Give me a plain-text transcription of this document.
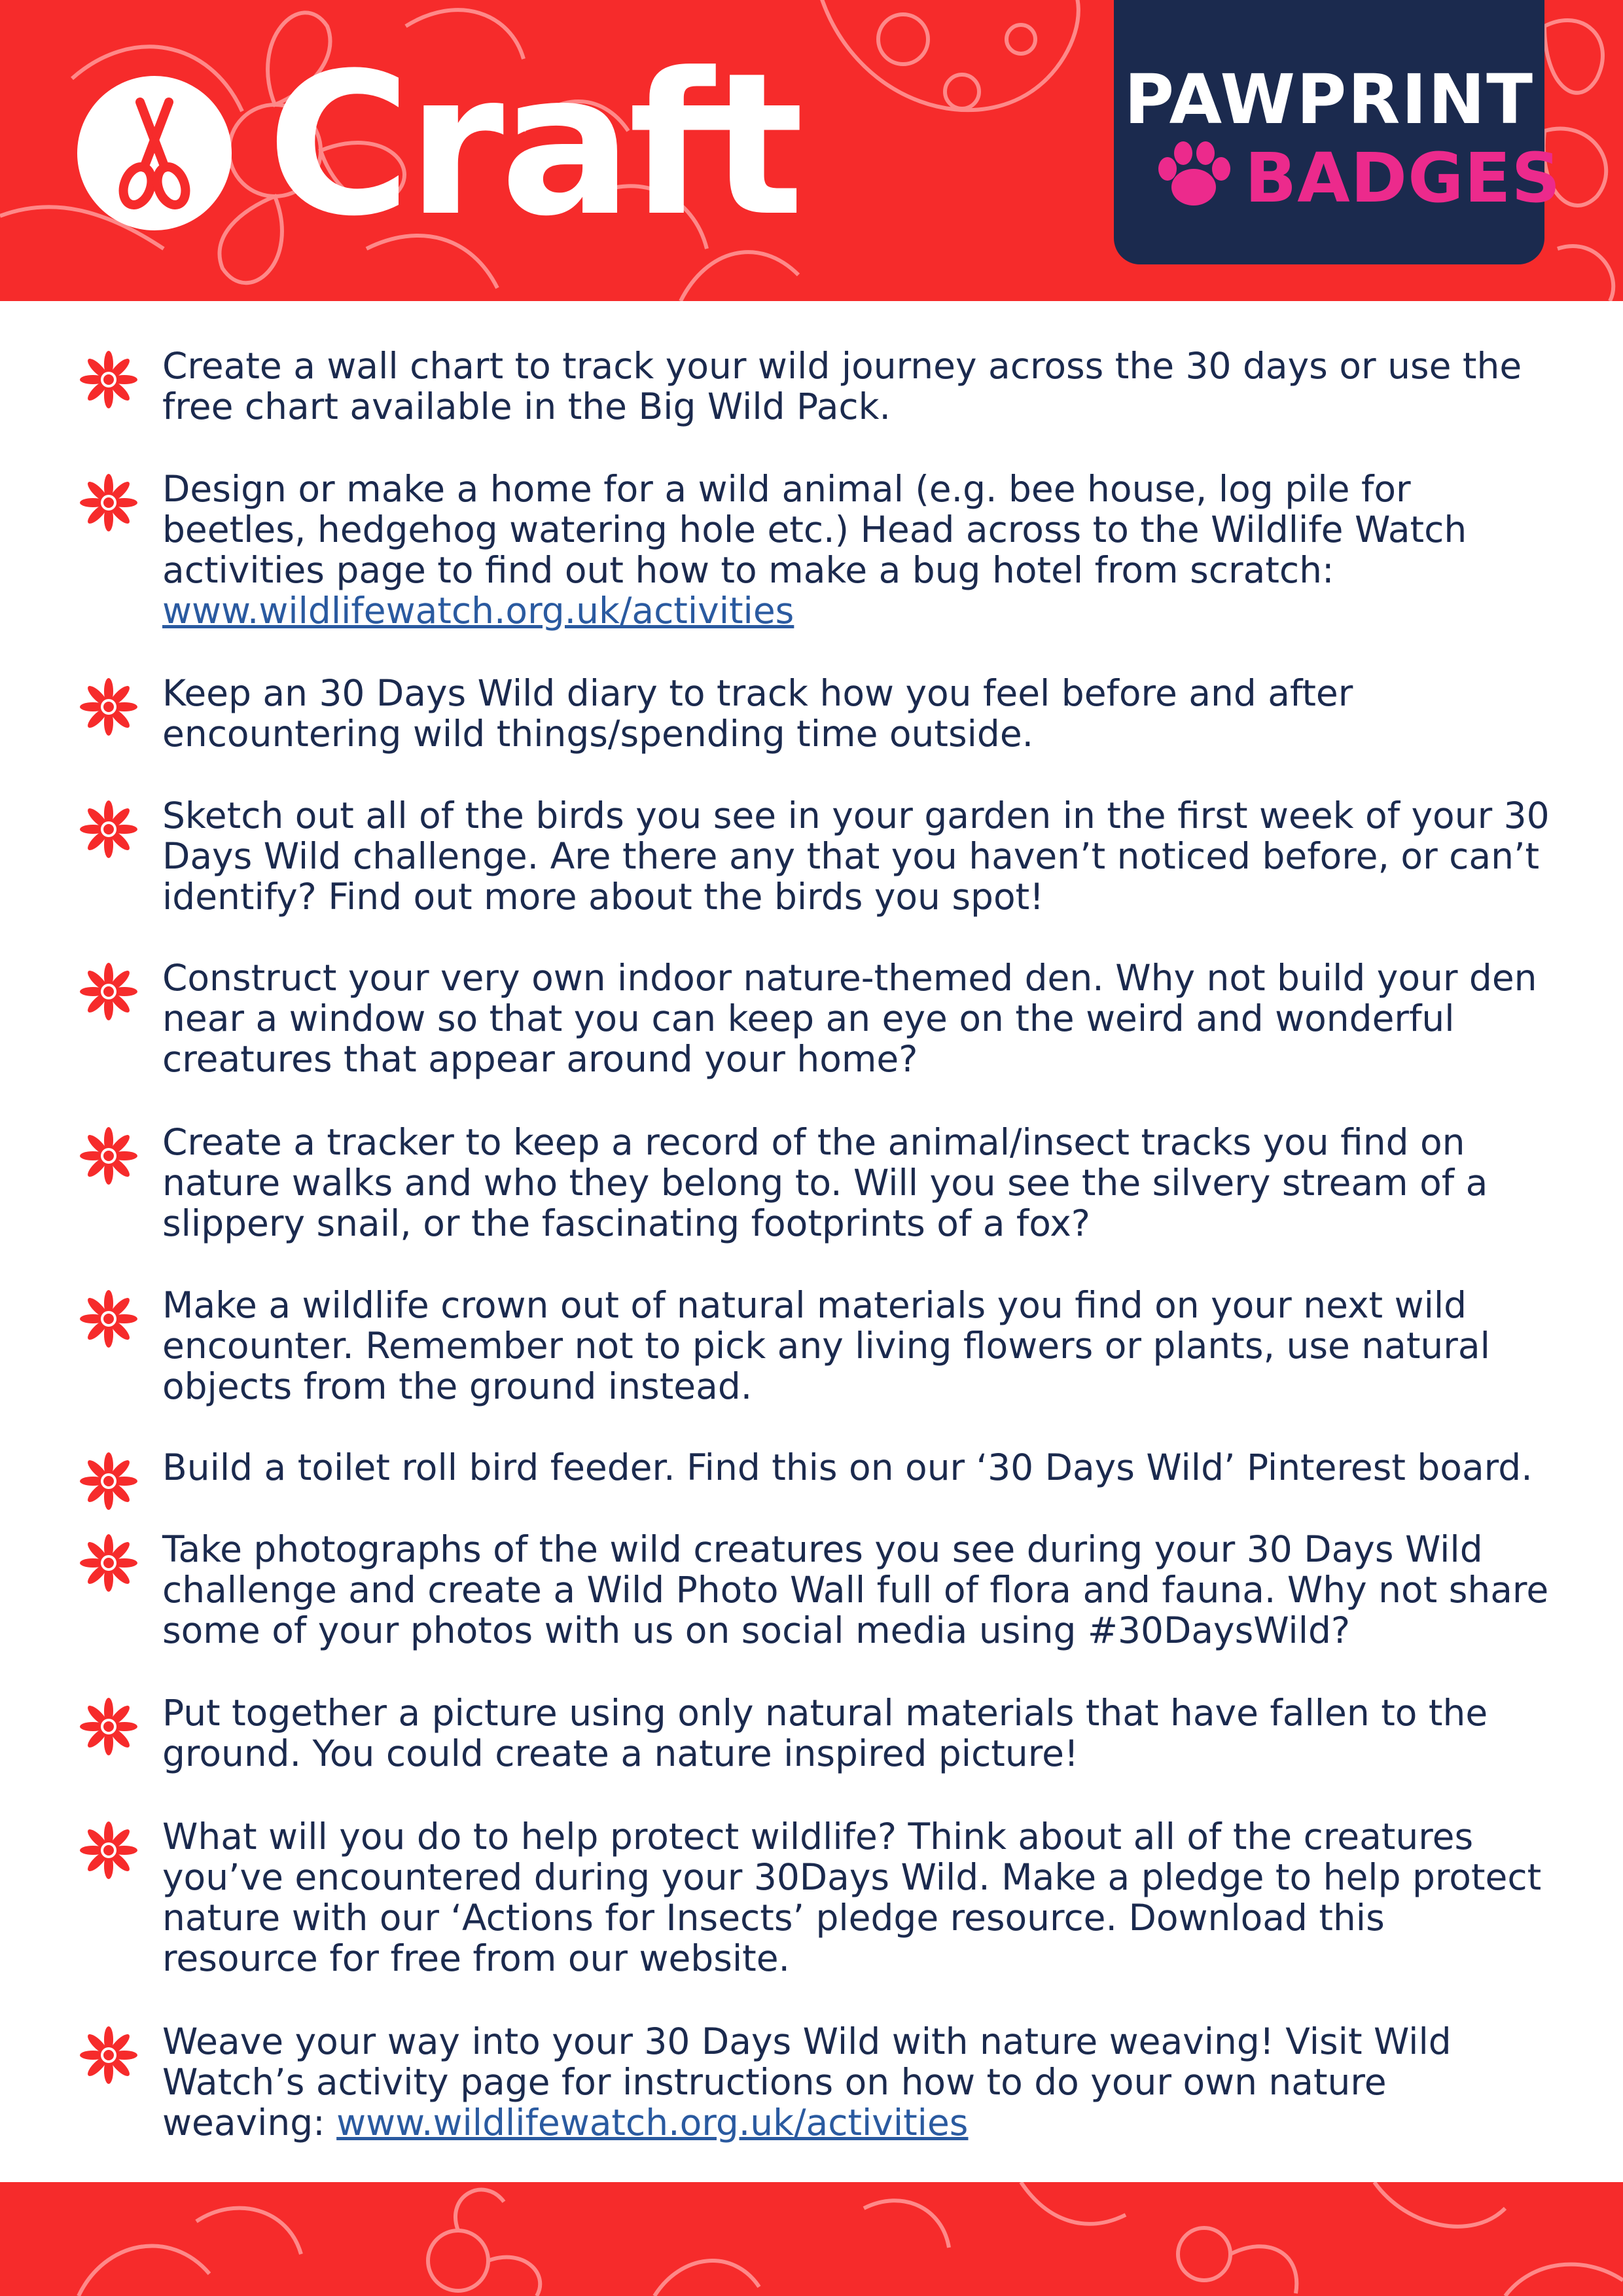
Craft	PAWPRINT
BADGES

Create a wall chart to track your wild journey across the 30 days or use the free chart available in the Big Wild Pack.

Design or make a home for a wild animal (e.g. bee house, log pile for beetles, hedgehog watering hole etc.) Head across to the Wildlife Watch activities page to find out how to make a bug hotel from scratch: www.wildlifewatch.org.uk/activities

Keep an 30 Days Wild diary to track how you feel before and after encountering wild things/spending time outside.

Sketch out all of the birds you see in your garden in the first week of your 30 Days Wild challenge. Are there any that you haven’t noticed before, or can’t identify? Find out more about the birds you spot!

Construct your very own indoor nature-themed den. Why not build your den near a window so that you can keep an eye on the weird and wonderful creatures that appear around your home?

Create a tracker to keep a record of the animal/insect tracks you find on nature walks and who they belong to. Will you see the silvery stream of a slippery snail, or the fascinating footprints of a fox?

Make a wildlife crown out of natural materials you find on your next wild encounter. Remember not to pick any living flowers or plants, use natural objects from the ground instead.

Build a toilet roll bird feeder. Find this on our ‘30 Days Wild’ Pinterest board.

Take photographs of the wild creatures you see during your 30 Days Wild challenge and create a Wild Photo Wall full of flora and fauna. Why not share some of your photos with us on social media using #30DaysWild?

Put together a picture using only natural materials that have fallen to the ground. You could create a nature inspired picture!

What will you do to help protect wildlife? Think about all of the creatures you’ve encountered during your 30Days Wild. Make a pledge to help protect nature with our ‘Actions for Insects’ pledge resource. Download this resource for free from our website.

Weave your way into your 30 Days Wild with nature weaving! Visit Wild Watch’s activity page for instructions on how to do your own nature weaving: www.wildlifewatch.org.uk/activities
